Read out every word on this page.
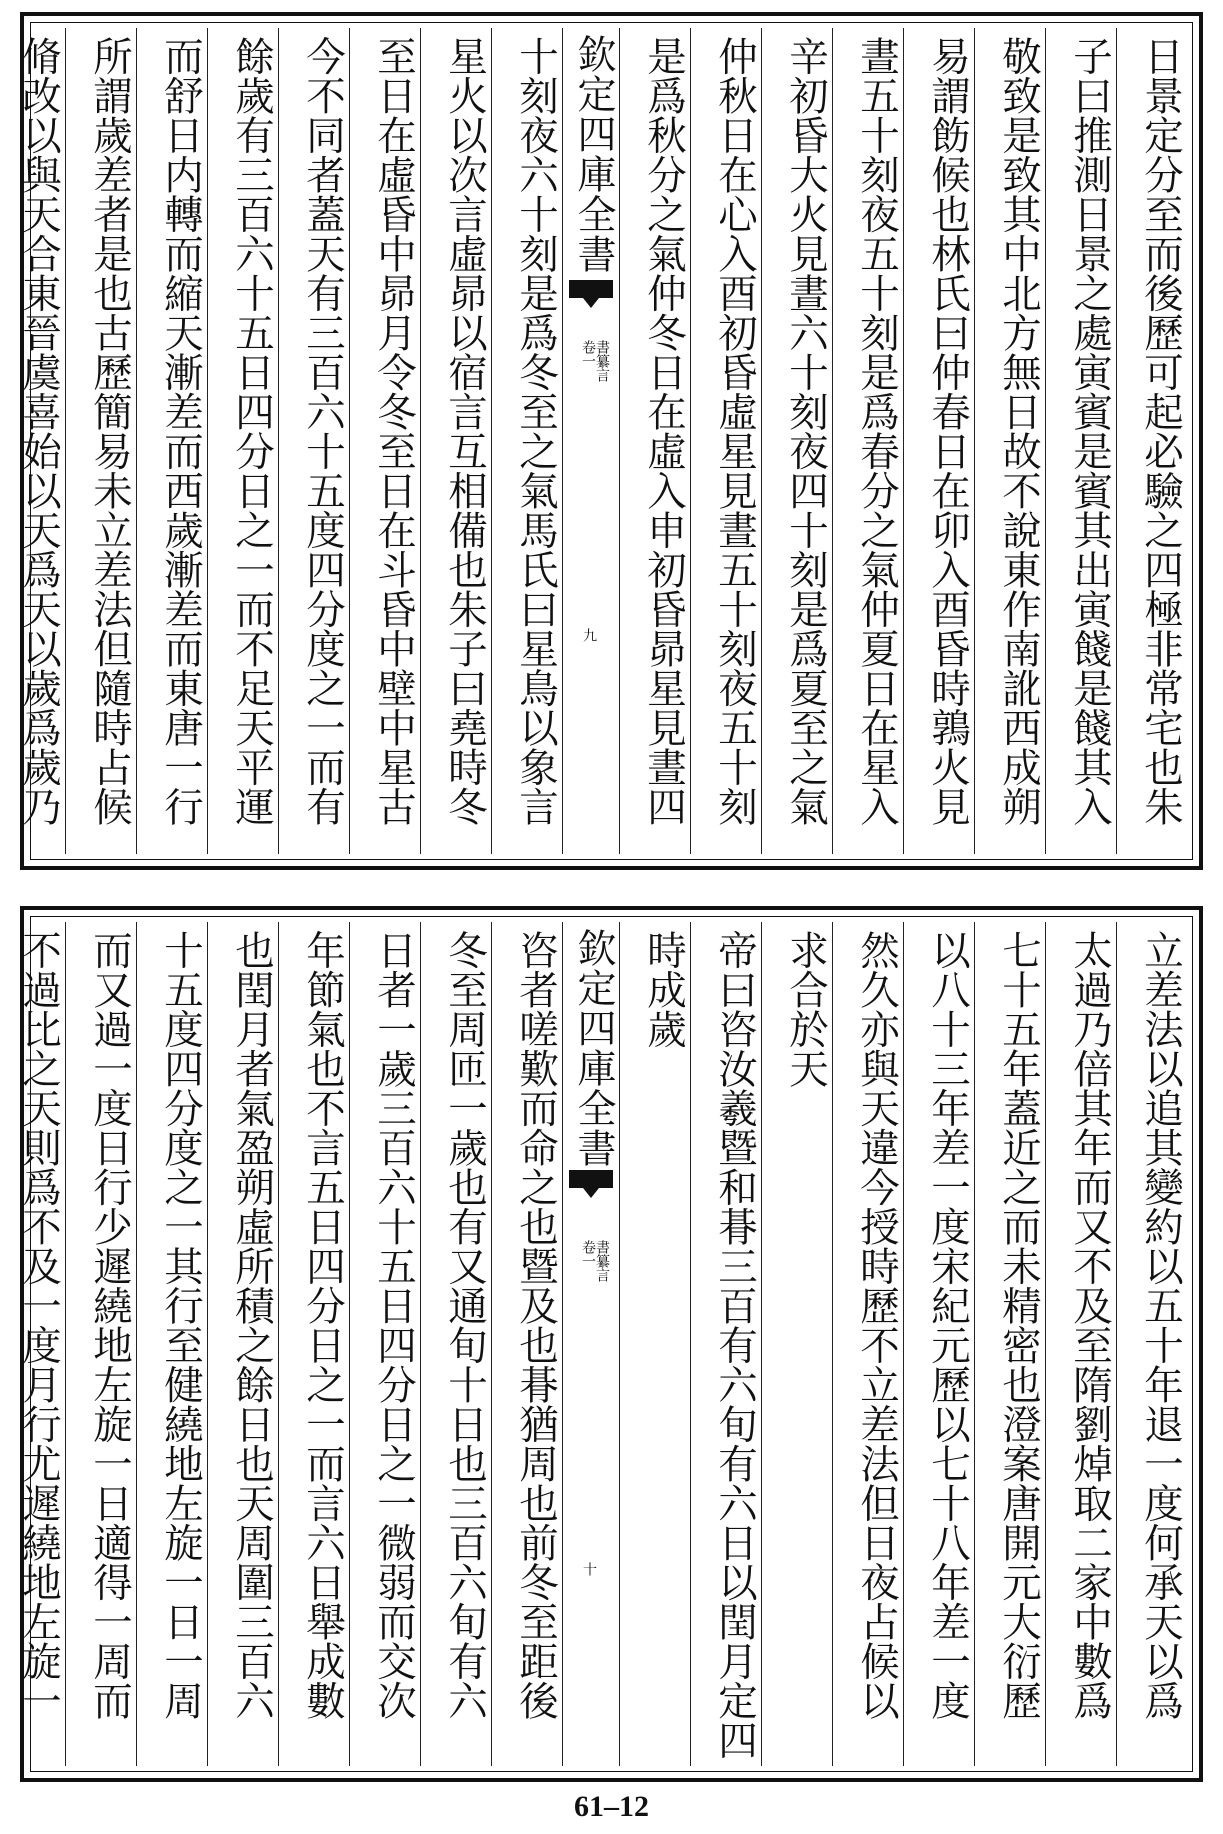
日景定分至而後歷可起必驗之四極非常宅也朱
子曰推測日景之處寅賓是賓其出寅餞是餞其入
敬致是致其中北方無日故不說東作南訛西成朔
易謂飭候也林氏曰仲春日在卯入酉昏時鶉火見
晝五十刻夜五十刻是爲春分之氣仲夏日在星入
辛初昏大火見晝六十刻夜四十刻是爲夏至之氣
仲秋日在心入酉初昏虛星見晝五十刻夜五十刻
是爲秋分之氣仲冬日在虛入申初昏昴星見晝四
欽定四庫全書
書纂言
卷一
九
十刻夜六十刻是爲冬至之氣馬氏曰星鳥以象言
星火以次言虛昴以宿言互相備也朱子曰堯時冬
至日在虛昏中昴月令冬至日在斗昏中壁中星古
今不同者蓋天有三百六十五度四分度之一而有
餘歲有三百六十五日四分日之一而不足天平運
而舒日内轉而縮天漸差而西歲漸差而東唐一行
所謂歲差者是也古歷簡易未立差法但隨時占候
脩改以與天合東晉虞喜始以天爲天以歲爲歲乃
立差法以追其變約以五十年退一度何承天以爲
太過乃倍其年而又不及至隋劉焯取二家中數爲
七十五年蓋近之而未精密也澄案唐開元大衍歷
以八十三年差一度宋紀元歷以七十八年差一度
然久亦與天違今授時歷不立差法但日夜占候以
求合於天
帝曰咨汝羲暨和朞三百有六旬有六日以閏月定四
時成歲
欽定四庫全書
書纂言
卷一
十
咨者嗟歎而命之也暨及也朞猶周也前冬至距後
冬至周匝一歲也有又通旬十日也三百六旬有六
日者一歲三百六十五日四分日之一微弱而交次
年節氣也不言五日四分日之一而言六日舉成數
也閏月者氣盈朔虛所積之餘日也天周圍三百六
十五度四分度之一其行至健繞地左旋一日一周
而又過一度日行少遲繞地左旋一日適得一周而
不過比之天則爲不及一度月行尤遲繞地左旋一
61–12
